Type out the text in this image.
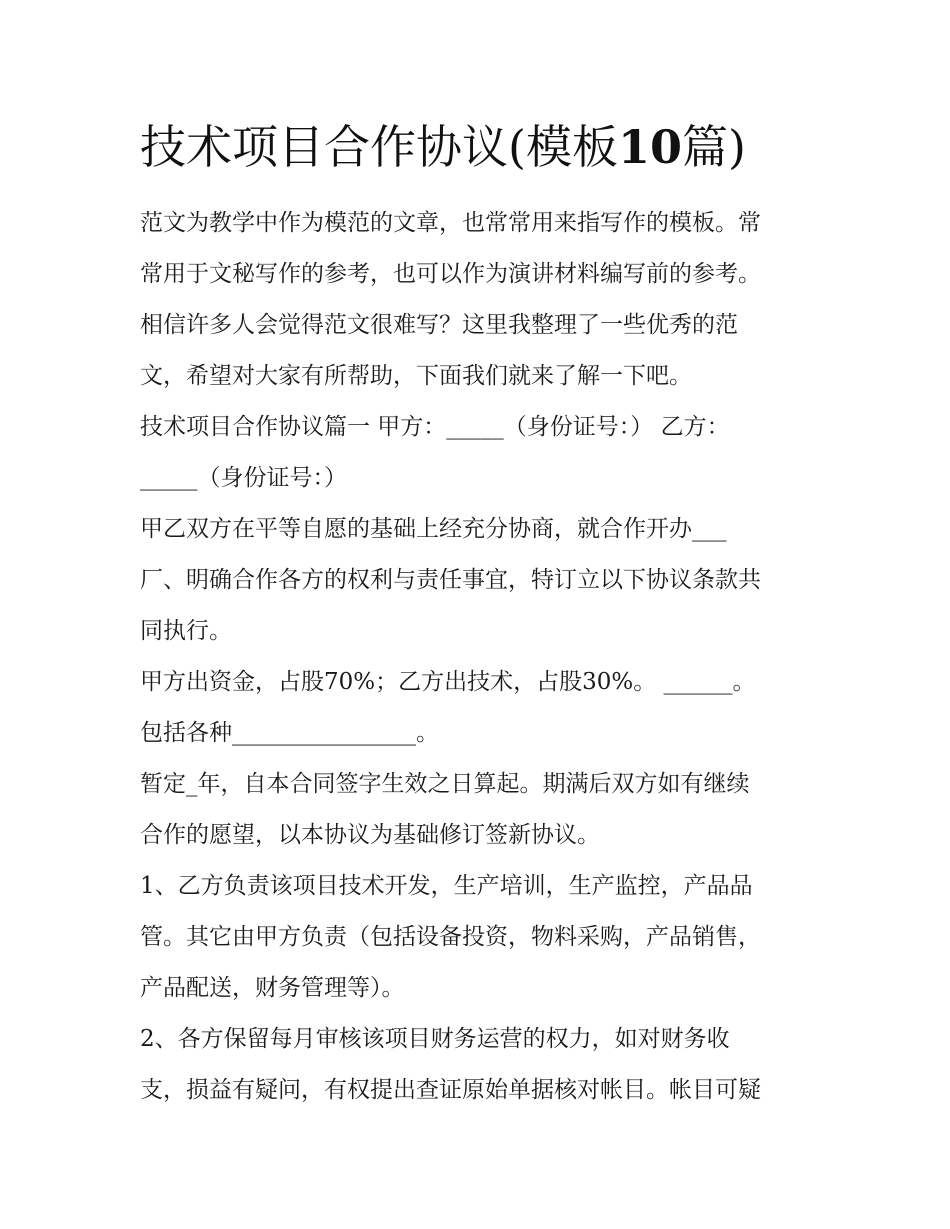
技术项目合作协议(模板10篇)

范文为教学中作为模范的文章，也常常用来指写作的模板。常
常用于文秘写作的参考，也可以作为演讲材料编写前的参考。
相信许多人会觉得范文很难写？这里我整理了一些优秀的范
文，希望对大家有所帮助，下面我们就来了解一下吧。

技术项目合作协议篇一 甲方：_____（身份证号：） 乙方：
_____（身份证号：）

甲乙双方在平等自愿的基础上经充分协商，就合作开办___
厂、明确合作各方的权利与责任事宜，特订立以下协议条款共
同执行。

甲方出资金，占股70%；乙方出技术，占股30%。 ______。
包括各种________________。

暂定_年，自本合同签字生效之日算起。期满后双方如有继续
合作的愿望，以本协议为基础修订签新协议。

1、乙方负责该项目技术开发，生产培训，生产监控，产品品
管。其它由甲方负责（包括设备投资，物料采购，产品销售，
产品配送，财务管理等）。

2、各方保留每月审核该项目财务运营的权力，如对财务收
支，损益有疑问，有权提出查证原始单据核对帐目。帐目可疑
